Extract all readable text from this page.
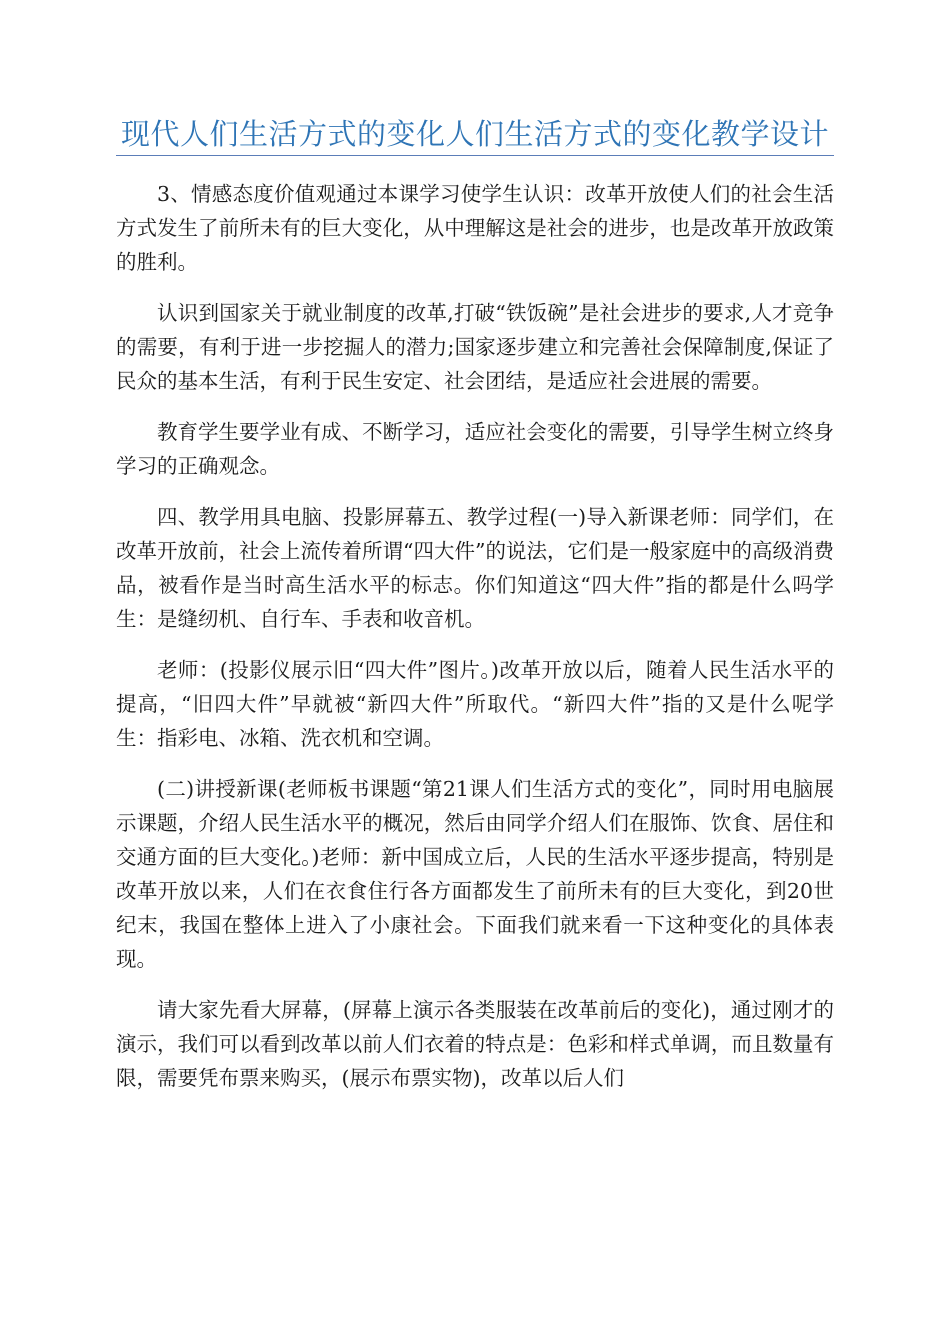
现代人们生活方式的变化人们生活方式的变化教学设计

3、情感态度价值观通过本课学习使学生认识：改革开放使人们的社会生活方式发生了前所未有的巨大变化，从中理解这是社会的进步，也是改革开放政策的胜利。

认识到国家关于就业制度的改革,打破“铁饭碗”是社会进步的要求,人才竞争的需要，有利于进一步挖掘人的潜力;国家逐步建立和完善社会保障制度,保证了民众的基本生活，有利于民生安定、社会团结，是适应社会进展的需要。

教育学生要学业有成、不断学习，适应社会变化的需要，引导学生树立终身学习的正确观念。

四、教学用具电脑、投影屏幕五、教学过程(一)导入新课老师：同学们，在改革开放前，社会上流传着所谓“四大件”的说法，它们是一般家庭中的高级消费品，被看作是当时高生活水平的标志。你们知道这“四大件”指的都是什么吗学生：是缝纫机、自行车、手表和收音机。

老师：(投影仪展示旧“四大件”图片。)改革开放以后，随着人民生活水平的提高，“旧四大件”早就被“新四大件”所取代。“新四大件”指的又是什么呢学生：指彩电、冰箱、洗衣机和空调。

(二)讲授新课(老师板书课题“第21课人们生活方式的变化”，同时用电脑展示课题，介绍人民生活水平的概况，然后由同学介绍人们在服饰、饮食、居住和交通方面的巨大变化。)老师：新中国成立后，人民的生活水平逐步提高，特别是改革开放以来，人们在衣食住行各方面都发生了前所未有的巨大变化，到20世纪末，我国在整体上进入了小康社会。下面我们就来看一下这种变化的具体表现。

请大家先看大屏幕，(屏幕上演示各类服装在改革前后的变化)，通过刚才的演示，我们可以看到改革以前人们衣着的特点是：色彩和样式单调，而且数量有限，需要凭布票来购买，(展示布票实物)，改革以后人们
